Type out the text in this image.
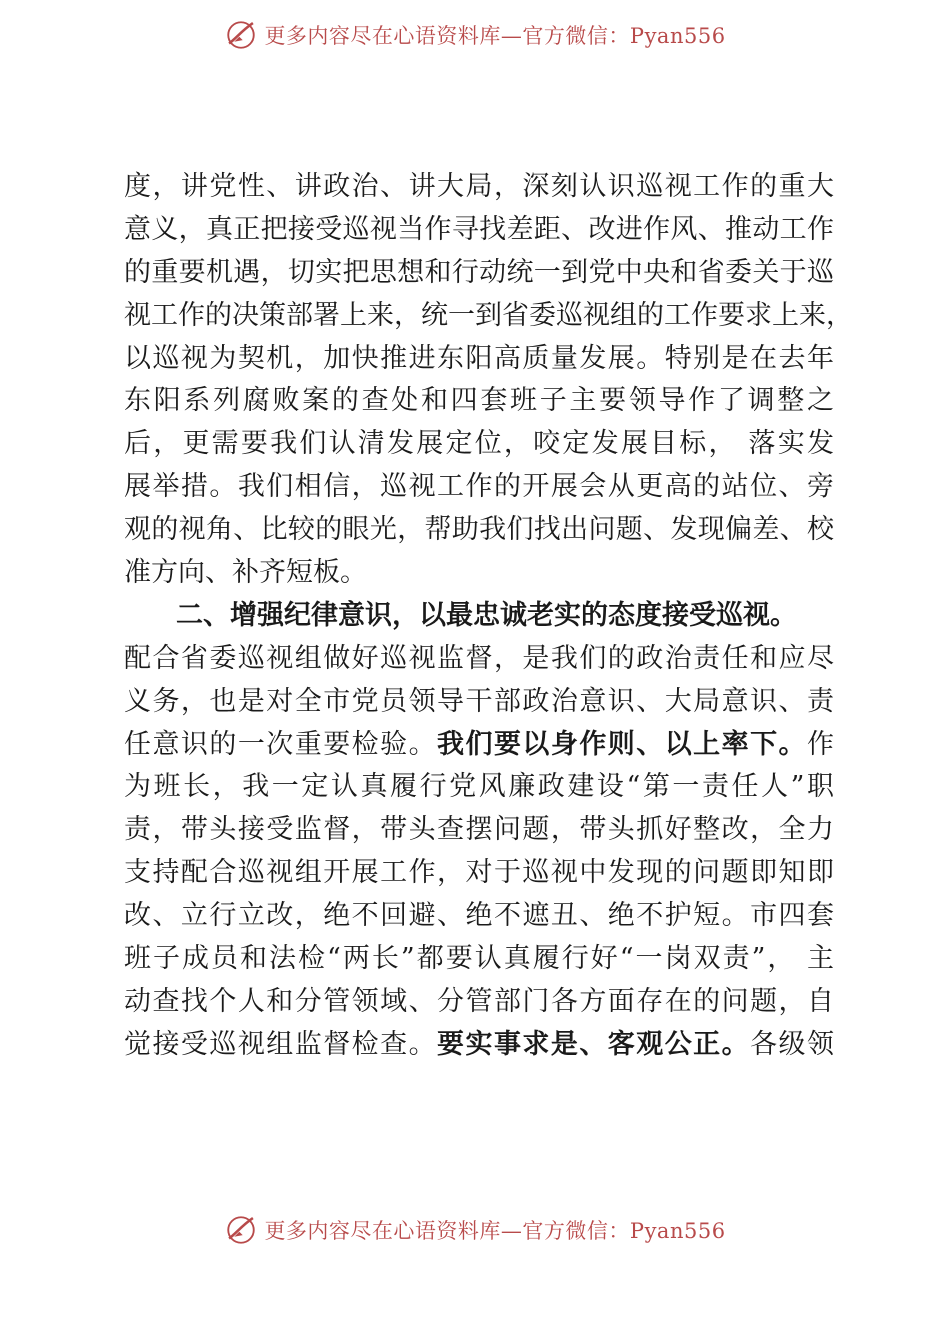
更多内容尽在心语资料库—官方微信：Pyan556
度，讲党性、讲政治、讲大局，深刻认识巡视工作的重大
意义，真正把接受巡视当作寻找差距、改进作风、推动工作
的重要机遇，切实把思想和行动统一到党中央和省委关于巡
视工作的决策部署上来，统一到省委巡视组的工作要求上来，
以巡视为契机，加快推进东阳高质量发展。特别是在去年
东阳系列腐败案的查处和四套班子主要领导作了调整之
后，更需要我们认清发展定位，咬定发展目标， 落实发
展举措。我们相信，巡视工作的开展会从更高的站位、旁
观的视角、比较的眼光，帮助我们找出问题、发现偏差、校
准方向、补齐短板。
二、增强纪律意识，以最忠诚老实的态度接受巡视。
配合省委巡视组做好巡视监督，是我们的政治责任和应尽
义务，也是对全市党员领导干部政治意识、大局意识、责
任意识的一次重要检验。我们要以身作则、以上率下。作
为班长，我一定认真履行党风廉政建设“第一责任人”职
责，带头接受监督，带头查摆问题，带头抓好整改，全力
支持配合巡视组开展工作，对于巡视中发现的问题即知即
改、立行立改，绝不回避、绝不遮丑、绝不护短。市四套
班子成员和法检“两长”都要认真履行好“一岗双责”， 主
动查找个人和分管领域、分管部门各方面存在的问题，自
觉接受巡视组监督检查。要实事求是、客观公正。各级领
更多内容尽在心语资料库—官方微信：Pyan556
